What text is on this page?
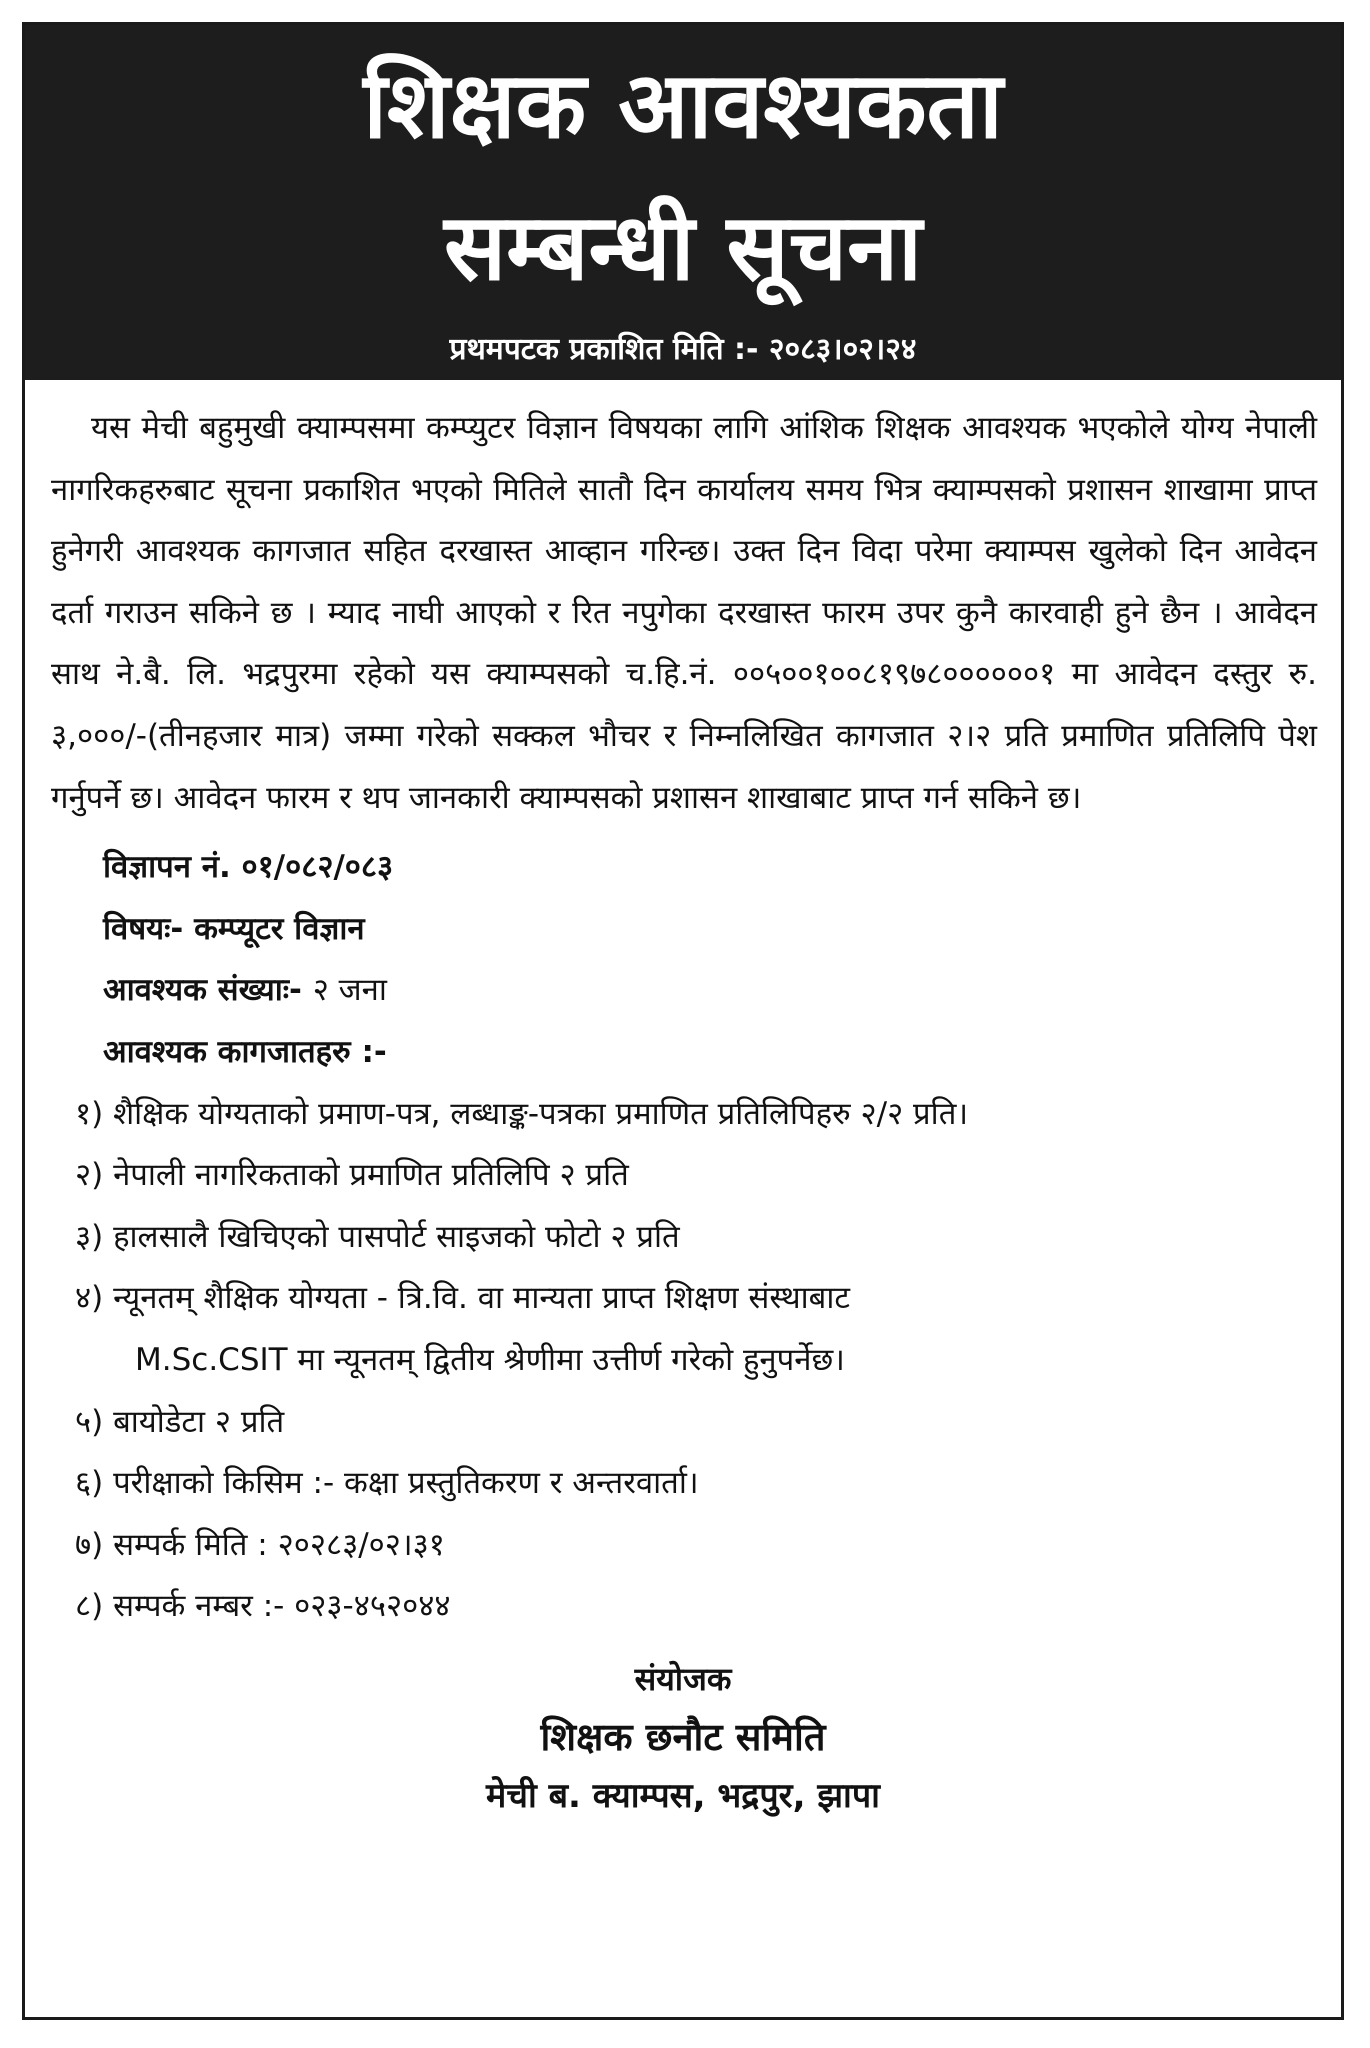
शिक्षक आवश्यकता
सम्बन्धी सूचना
प्रथमपटक प्रकाशित मिति :- २०८३।०२।२४

यस मेची बहुमुखी क्याम्पसमा कम्प्युटर विज्ञान विषयका लागि आंशिक शिक्षक आवश्यक भएकोले योग्य नेपाली नागरिकहरुबाट सूचना प्रकाशित भएको मितिले सातौ दिन कार्यालय समय भित्र क्याम्पसको प्रशासन शाखामा प्राप्त हुनेगरी आवश्यक कागजात सहित दरखास्त आव्हान गरिन्छ। उक्त दिन विदा परेमा क्याम्पस खुलेको दिन आवेदन दर्ता गराउन सकिने छ । म्याद नाघी आएको र रित नपुगेका दरखास्त फारम उपर कुनै कारवाही हुने छैन । आवेदन साथ ने.बै. लि. भद्रपुरमा रहेको यस क्याम्पसको च.हि.नं. ००५००१००८१९७८००००००१ मा आवेदन दस्तुर रु. ३,०००/-(तीनहजार मात्र) जम्मा गरेको सक्कल भौचर र निम्नलिखित कागजात २।२ प्रति प्रमाणित प्रतिलिपि पेश गर्नुपर्ने छ। आवेदन फारम र थप जानकारी क्याम्पसको प्रशासन शाखाबाट प्राप्त गर्न सकिने छ।

विज्ञापन नं. ०१/०८२/०८३
विषयः- कम्प्यूटर विज्ञान
आवश्यक संख्याः- २ जना
आवश्यक कागजातहरु :-
१) शैक्षिक योग्यताको प्रमाण-पत्र, लब्धाङ्क-पत्रका प्रमाणित प्रतिलिपिहरु २/२ प्रति।
२) नेपाली नागरिकताको प्रमाणित प्रतिलिपि २ प्रति
३) हालसालै खिचिएको पासपोर्ट साइजको फोटो २ प्रति
४) न्यूनतम् शैक्षिक योग्यता - त्रि.वि. वा मान्यता प्राप्त शिक्षण संस्थाबाट
M.Sc.CSIT मा न्यूनतम् द्वितीय श्रेणीमा उत्तीर्ण गरेको हुनुपर्नेछ।
५) बायोडेटा २ प्रति
६) परीक्षाको किसिम :- कक्षा प्रस्तुतिकरण र अन्तरवार्ता।
७) सम्पर्क मिति : २०२८३/०२।३१
८) सम्पर्क नम्बर :- ०२३-४५२०४४
संयोजक
शिक्षक छनौट समिति
मेची ब. क्याम्पस, भद्रपुर, झापा
